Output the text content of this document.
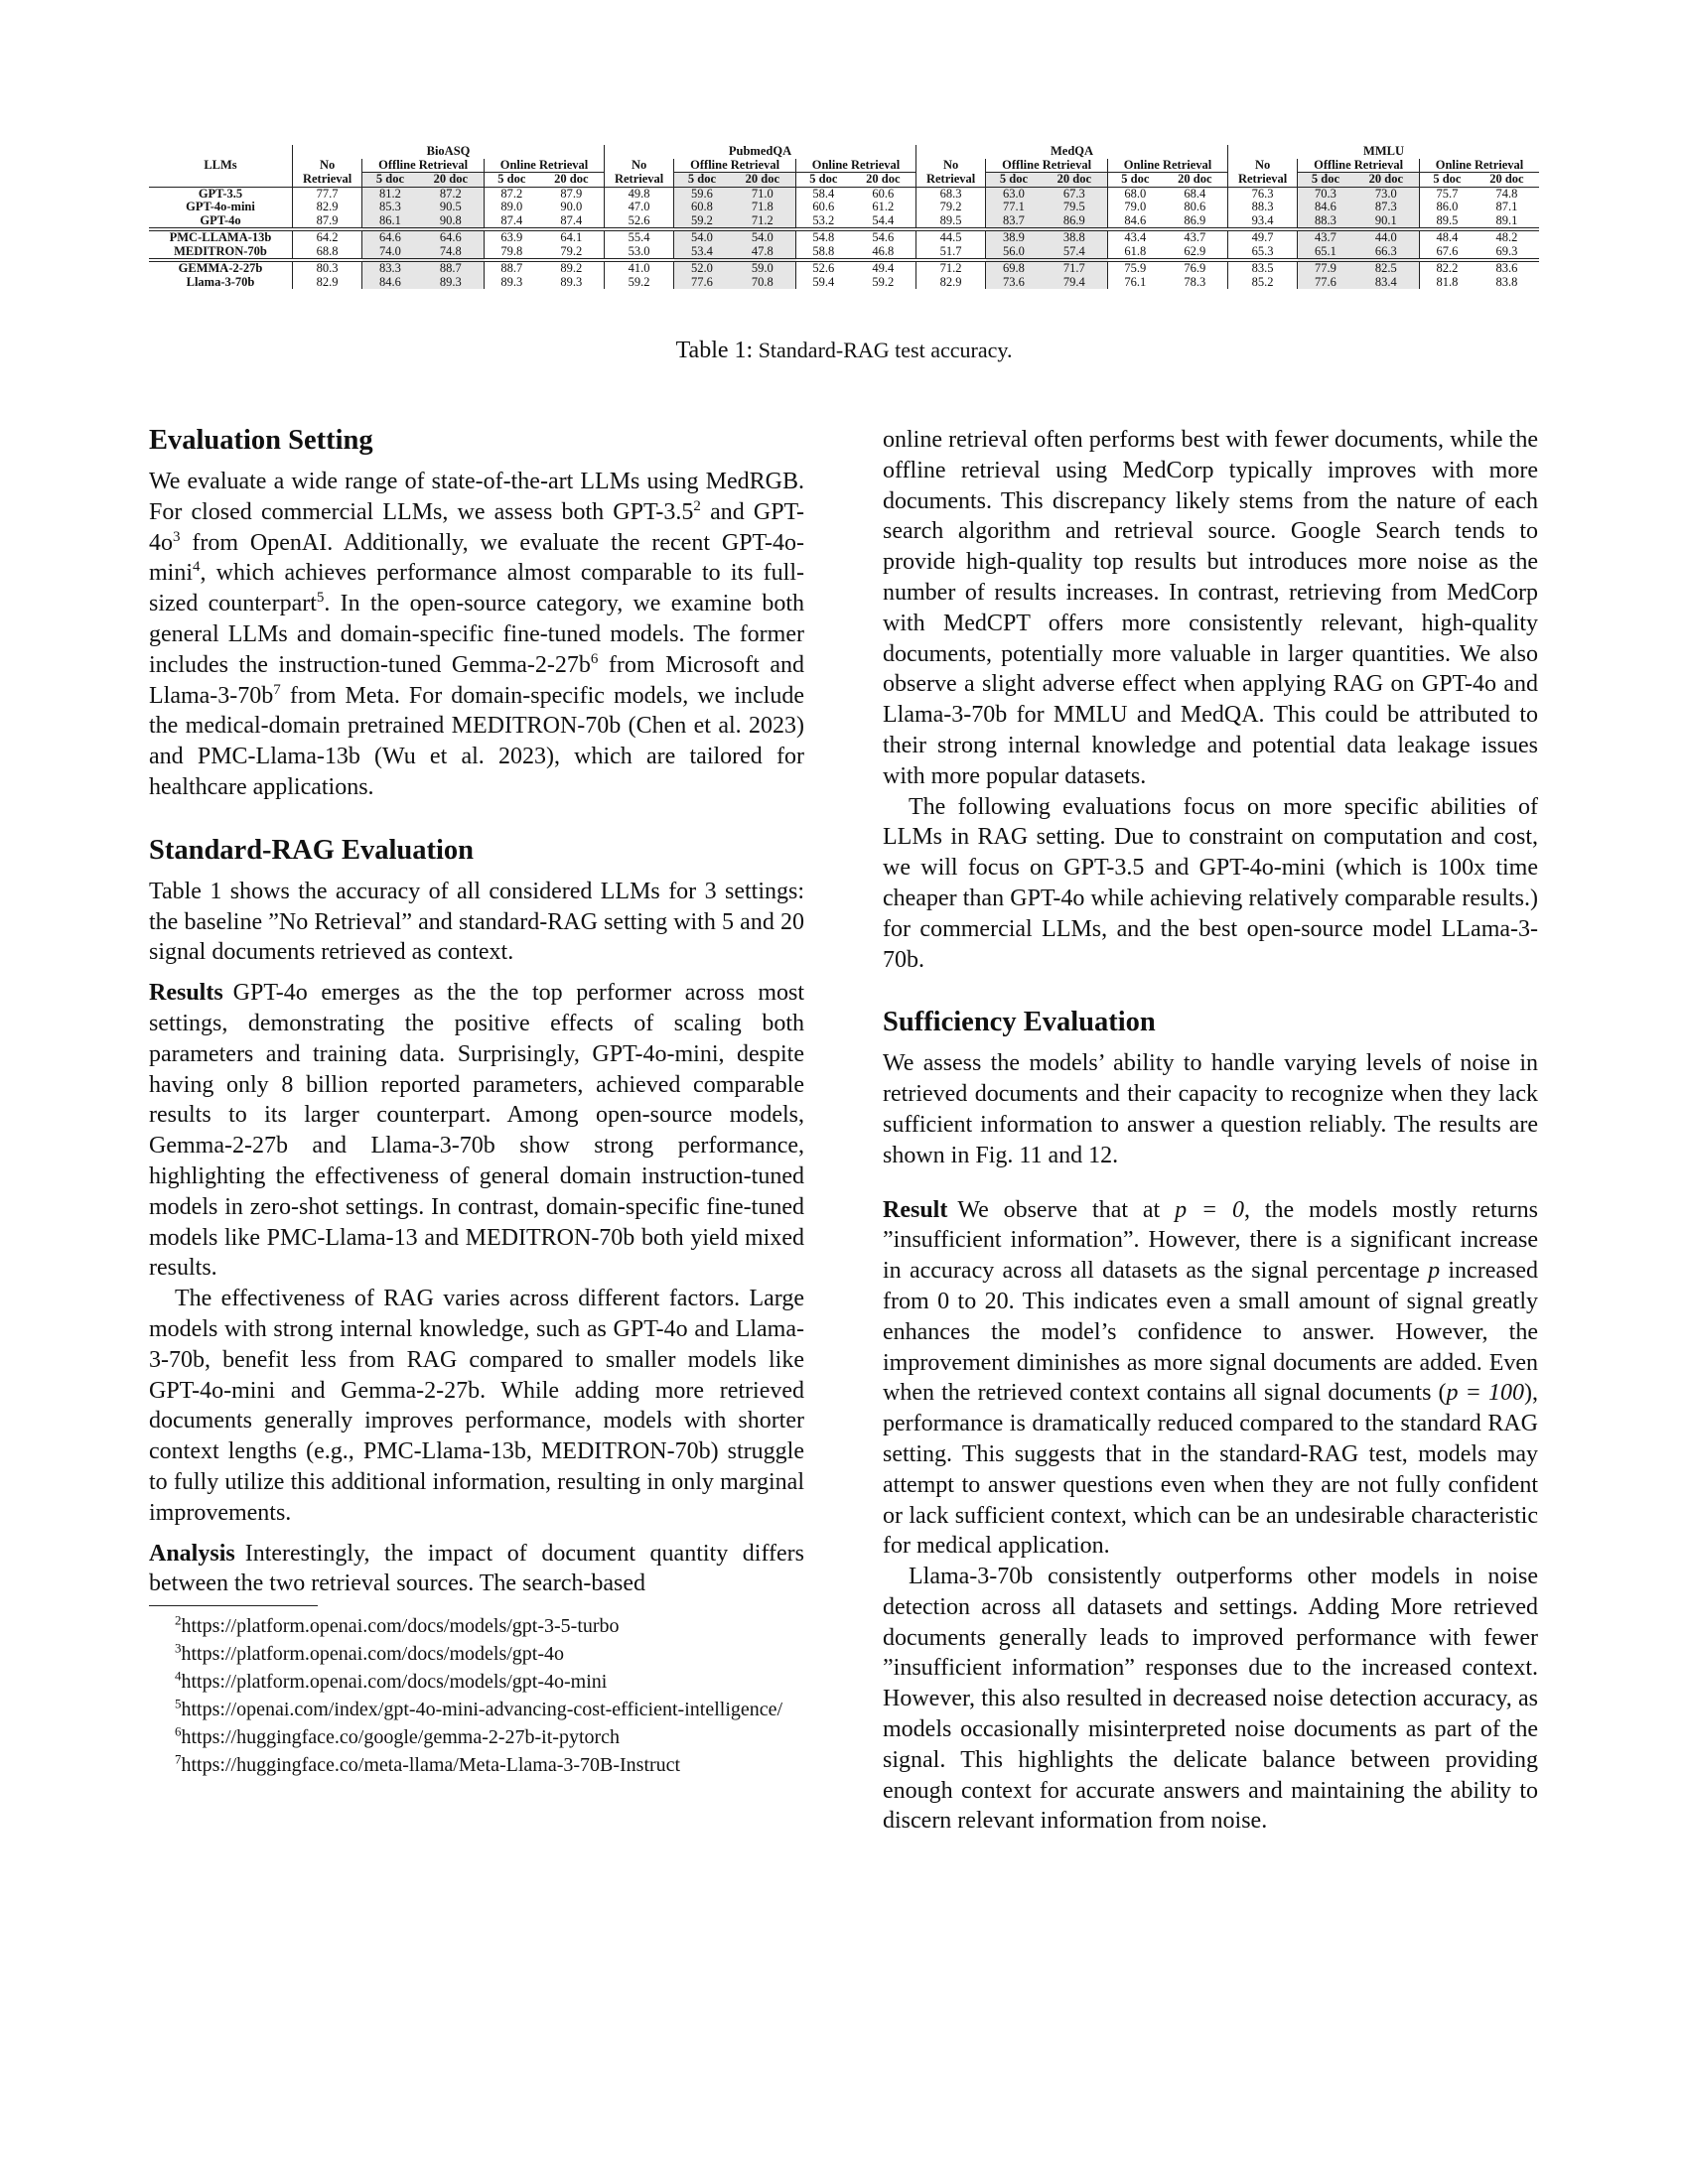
	BioASQ					PubmedQA					MedQA					MMLU				
LLMs	No	Offline Retrieval		Online Retrieval		No	Offline Retrieval		Online Retrieval		No	Offline Retrieval		Online Retrieval		No	Offline Retrieval		Online Retrieval	
	Retrieval	5 doc	20 doc	5 doc	20 doc	Retrieval	5 doc	20 doc	5 doc	20 doc	Retrieval	5 doc	20 doc	5 doc	20 doc	Retrieval	5 doc	20 doc	5 doc	20 doc
GPT-3.5	77.7	81.2	87.2	87.2	87.9	49.8	59.6	71.0	58.4	60.6	68.3	63.0	67.3	68.0	68.4	76.3	70.3	73.0	75.7	74.8
GPT-4o-mini	82.9	85.3	90.5	89.0	90.0	47.0	60.8	71.8	60.6	61.2	79.2	77.1	79.5	79.0	80.6	88.3	84.6	87.3	86.0	87.1
GPT-4o	87.9	86.1	90.8	87.4	87.4	52.6	59.2	71.2	53.2	54.4	89.5	83.7	86.9	84.6	86.9	93.4	88.3	90.1	89.5	89.1
PMC-LLAMA-13b	64.2	64.6	64.6	63.9	64.1	55.4	54.0	54.0	54.8	54.6	44.5	38.9	38.8	43.4	43.7	49.7	43.7	44.0	48.4	48.2
MEDITRON-70b	68.8	74.0	74.8	79.8	79.2	53.0	53.4	47.8	58.8	46.8	51.7	56.0	57.4	61.8	62.9	65.3	65.1	66.3	67.6	69.3
GEMMA-2-27b	80.3	83.3	88.7	88.7	89.2	41.0	52.0	59.0	52.6	49.4	71.2	69.8	71.7	75.9	76.9	83.5	77.9	82.5	82.2	83.6
Llama-3-70b	82.9	84.6	89.3	89.3	89.3	59.2	77.6	70.8	59.4	59.2	82.9	73.6	79.4	76.1	78.3	85.2	77.6	83.4	81.8	83.8
Table 1: Standard-RAG test accuracy.
Evaluation Setting

We evaluate a wide range of state-of-the-art LLMs using MedRGB. For closed commercial LLMs, we assess both GPT-$3.5^2$ and GPT-$4o^3$ from OpenAI. Additionally, we evaluate the recent GPT-4o-mini$^4$, which achieves performance almost comparable to its full-sized counterpart$^5$. In the open-source category, we examine both general LLMs and domain-specific fine-tuned models. The former includes the instruction-tuned Gemma-$2-27b^6$ from Microsoft and Llama-$3-70b^7$ from Meta. For domain-specific models, we include the medical-domain pretrained MEDITRON-70b (Chen et al. 2023) and PMC-Llama-13b (Wu et al. 2023), which are tailored for healthcare applications.

Standard-RAG Evaluation

Table 1 shows the accuracy of all considered LLMs for 3 settings: the baseline ”No Retrieval” and standard-RAG setting with 5 and 20 signal documents retrieved as context.

Results GPT-4o emerges as the the top performer across most settings, demonstrating the positive effects of scaling both parameters and training data. Surprisingly, GPT-4o-mini, despite having only 8 billion reported parameters, achieved comparable results to its larger counterpart. Among open-source models, Gemma-2-27b and Llama-3-70b show strong performance, highlighting the effectiveness of general domain instruction-tuned models in zero-shot settings. In contrast, domain-specific fine-tuned models like PMC-Llama-13 and MEDITRON-70b both yield mixed results.

The effectiveness of RAG varies across different factors. Large models with strong internal knowledge, such as GPT-4o and Llama-3-70b, benefit less from RAG compared to smaller models like GPT-4o-mini and Gemma-2-27b. While adding more retrieved documents generally improves performance, models with shorter context lengths (e.g., PMC-Llama-13b, MEDITRON-70b) struggle to fully utilize this additional information, resulting in only marginal improvements.

Analysis Interestingly, the impact of document quantity differs between the two retrieval sources. The search-based

$^2$https://platform.openai.com/docs/models/gpt-3-5-turbo

$^3$https://platform.openai.com/docs/models/gpt-4o

$^4$https://platform.openai.com/docs/models/gpt-4o-mini

$^5$https://openai.com/index/gpt-4o-mini-advancing-cost-efficient-intelligence/

$^6$https://huggingface.co/google/gemma-2-27b-it-pytorch

$^7$https://huggingface.co/meta-llama/Meta-Llama-3-70B-Instruct

online retrieval often performs best with fewer documents, while the offline retrieval using MedCorp typically improves with more documents. This discrepancy likely stems from the nature of each search algorithm and retrieval source. Google Search tends to provide high-quality top results but introduces more noise as the number of results increases. In contrast, retrieving from MedCorp with MedCPT offers more consistently relevant, high-quality documents, potentially more valuable in larger quantities. We also observe a slight adverse effect when applying RAG on GPT-4o and Llama-3-70b for MMLU and MedQA. This could be attributed to their strong internal knowledge and potential data leakage issues with more popular datasets.

The following evaluations focus on more specific abilities of LLMs in RAG setting. Due to constraint on computation and cost, we will focus on GPT-3.5 and GPT-4o-mini (which is 100x time cheaper than GPT-4o while achieving relatively comparable results.) for commercial LLMs, and the best open-source model LLama-3-70b.

Sufficiency Evaluation

We assess the models’ ability to handle varying levels of noise in retrieved documents and their capacity to recognize when they lack sufficient information to answer a question reliably. The results are shown in Fig. 11 and 12.

Result We observe that at p = 0, the models mostly returns ”insufficient information”. However, there is a significant increase in accuracy across all datasets as the signal percentage p increased from 0 to 20. This indicates even a small amount of signal greatly enhances the model’s confidence to answer. However, the improvement diminishes as more signal documents are added. Even when the retrieved context contains all signal documents (p = 100), performance is dramatically reduced compared to the standard RAG setting. This suggests that in the standard-RAG test, models may attempt to answer questions even when they are not fully confident or lack sufficient context, which can be an undesirable characteristic for medical application.

Llama-3-70b consistently outperforms other models in noise detection across all datasets and settings. Adding More retrieved documents generally leads to improved performance with fewer ”insufficient information” responses due to the increased context. However, this also resulted in decreased noise detection accuracy, as models occasionally misinterpreted noise documents as part of the signal. This highlights the delicate balance between providing enough context for accurate answers and maintaining the ability to discern relevant information from noise.
